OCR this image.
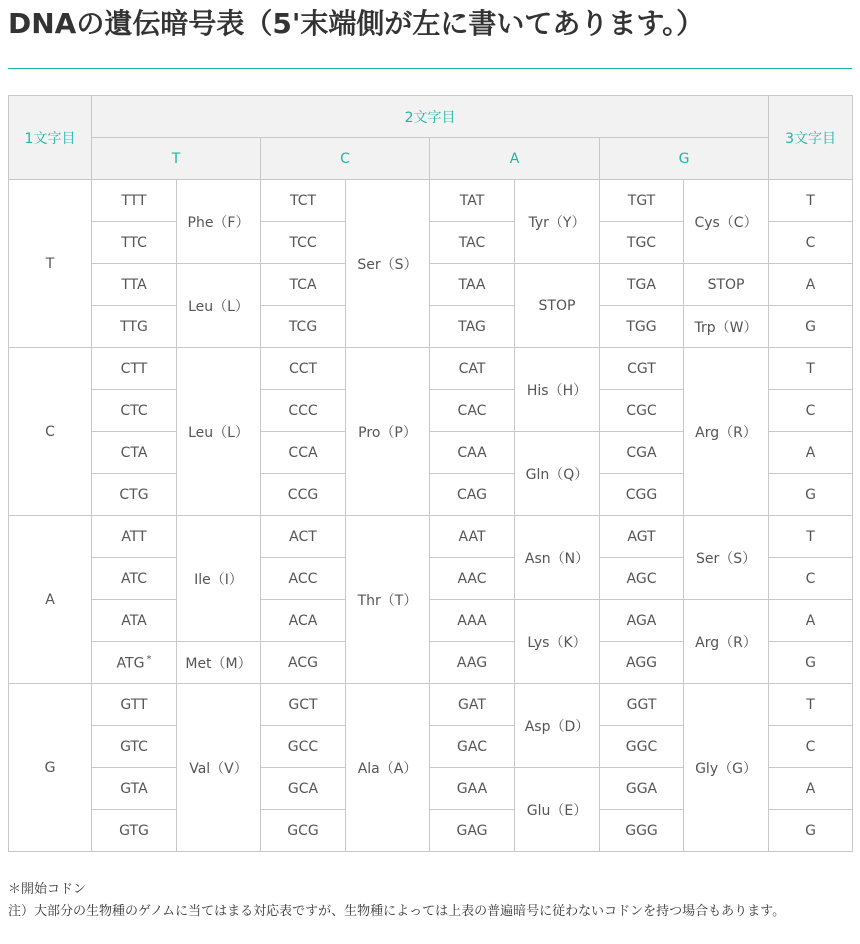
DNAの遺伝暗号表（5'末端側が左に書いてあります。）
1文字目	2文字目								3文字目
	T		C		A		G		
T	TTT	Phe（F）	TCT	Ser（S）	TAT	Tyr（Y）	TGT	Cys（C）	T
	TTC		TCC		TAC		TGC		C
	TTA	Leu（L）	TCA		TAA	STOP	TGA	STOP	A
	TTG		TCG		TAG		TGG	Trp（W）	G
C	CTT	Leu（L）	CCT	Pro（P）	CAT	His（H）	CGT	Arg（R）	T
	CTC		CCC		CAC		CGC		C
	CTA		CCA		CAA	Gln（Q）	CGA		A
	CTG		CCG		CAG		CGG		G
A	ATT	Ile（I）	ACT	Thr（T）	AAT	Asn（N）	AGT	Ser（S）	T
	ATC		ACC		AAC		AGC		C
	ATA		ACA		AAA	Lys（K）	AGA	Arg（R）	A
	ATG *	Met（M）	ACG		AAG		AGG		G
G	GTT	Val（V）	GCT	Ala（A）	GAT	Asp（D）	GGT	Gly（G）	T
	GTC		GCC		GAC		GGC		C
	GTA		GCA		GAA	Glu（E）	GGA		A
	GTG		GCG		GAG		GGG		G
＊開始コドン
注）大部分の生物種のゲノムに当てはまる対応表ですが、生物種によっては上表の普遍暗号に従わないコドンを持つ場合もあります。
